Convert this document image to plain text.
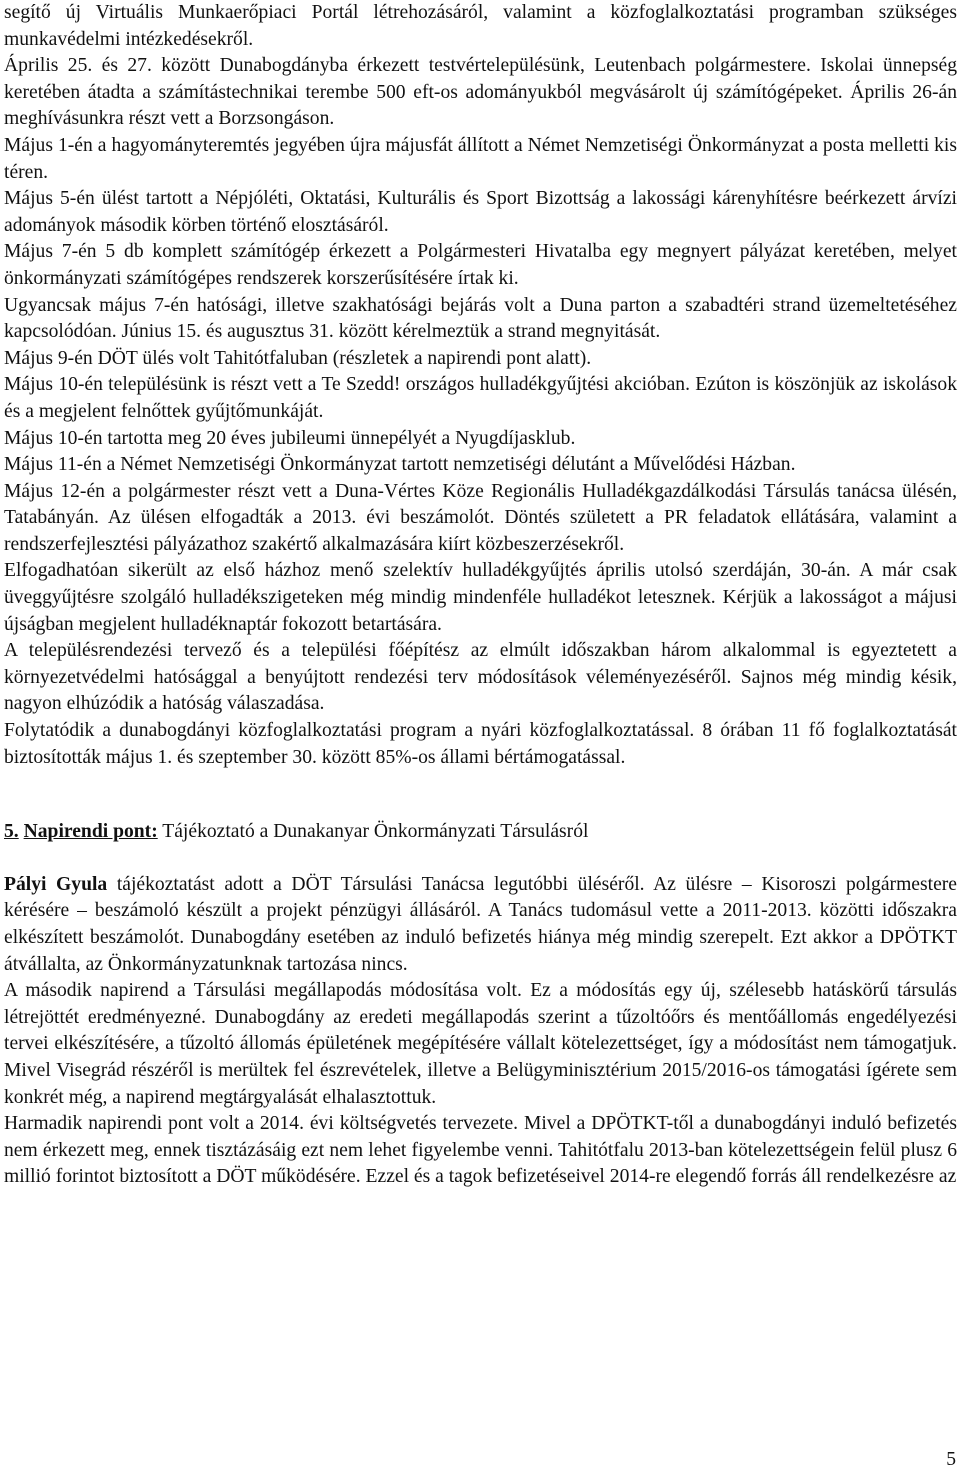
segítő új Virtuális Munkaerőpiaci Portál létrehozásáról, valamint a közfoglalkoztatási programban szükséges munkavédelmi intézkedésekről.

Április 25. és 27. között Dunabogdányba érkezett testvértelepülésünk, Leutenbach polgármestere. Iskolai ünnepség keretében átadta a számítástechnikai terembe 500 eft-os adományukból megvásárolt új számítógépeket. Április 26-án meghívásunkra részt vett a Borzsongáson.

Május 1-én a hagyományteremtés jegyében újra májusfát állított a Német Nemzetiségi Önkormányzat a posta melletti kis téren.

Május 5-én ülést tartott a Népjóléti, Oktatási, Kulturális és Sport Bizottság a lakossági kárenyhítésre beérkezett árvízi adományok második körben történő elosztásáról.

Május 7-én 5 db komplett számítógép érkezett a Polgármesteri Hivatalba egy megnyert pályázat keretében, melyet önkormányzati számítógépes rendszerek korszerűsítésére írtak ki.

Ugyancsak május 7-én hatósági, illetve szakhatósági bejárás volt a Duna parton a szabadtéri strand üzemeltetéséhez kapcsolódóan. Június 15. és augusztus 31. között kérelmeztük a strand megnyitását.

Május 9-én DÖT ülés volt Tahitótfaluban (részletek a napirendi pont alatt).

Május 10-én településünk is részt vett a Te Szedd! országos hulladékgyűjtési akcióban. Ezúton is köszönjük az iskolások és a megjelent felnőttek gyűjtőmunkáját.

Május 10-én tartotta meg 20 éves jubileumi ünnepélyét a Nyugdíjasklub.

Május 11-én a Német Nemzetiségi Önkormányzat tartott nemzetiségi délutánt a Művelődési Házban.

Május 12-én a polgármester részt vett a Duna-Vértes Köze Regionális Hulladékgazdálkodási Társulás tanácsa ülésén, Tatabányán. Az ülésen elfogadták a 2013. évi beszámolót. Döntés született a PR feladatok ellátására, valamint a rendszerfejlesztési pályázathoz szakértő alkalmazására kiírt közbeszerzésekről.

Elfogadhatóan sikerült az első házhoz menő szelektív hulladékgyűjtés április utolsó szerdáján, 30-án. A már csak üveggyűjtésre szolgáló hulladékszigeteken még mindig mindenféle hulladékot letesznek. Kérjük a lakosságot a májusi újságban megjelent hulladéknaptár fokozott betartására.

A településrendezési tervező és a települési főépítész az elmúlt időszakban három alkalommal is egyeztetett a környezetvédelmi hatósággal a benyújtott rendezési terv módosítások véleményezéséről. Sajnos még mindig késik, nagyon elhúzódik a hatóság válaszadása.

Folytatódik a dunabogdányi közfoglalkoztatási program a nyári közfoglalkoztatással. 8 órában 11 fő foglalkoztatását biztosították május 1. és szeptember 30. között 85%-os állami bértámogatással.

5. Napirendi pont: Tájékoztató a Dunakanyar Önkormányzati Társulásról

Pályi Gyula tájékoztatást adott a DÖT Társulási Tanácsa legutóbbi üléséről. Az ülésre – Kisoroszi polgármestere kérésére – beszámoló készült a projekt pénzügyi állásáról. A Tanács tudomásul vette a 2011-2013. közötti időszakra elkészített beszámolót. Dunabogdány esetében az induló befizetés hiánya még mindig szerepelt. Ezt akkor a DPÖTKT átvállalta, az Önkormányzatunknak tartozása nincs.

A második napirend a Társulási megállapodás módosítása volt. Ez a módosítás egy új, szélesebb hatáskörű társulás létrejöttét eredményezné. Dunabogdány az eredeti megállapodás szerint a tűzoltóőrs és mentőállomás engedélyezési tervei elkészítésére, a tűzoltó állomás épületének megépítésére vállalt kötelezettséget, így a módosítást nem támogatjuk. Mivel Visegrád részéről is merültek fel észrevételek, illetve a Belügyminisztérium 2015/2016-os támogatási ígérete sem konkrét még, a napirend megtárgyalását elhalasztottuk.

Harmadik napirendi pont volt a 2014. évi költségvetés tervezete. Mivel a DPÖTKT-től a dunabogdányi induló befizetés nem érkezett meg, ennek tisztázásáig ezt nem lehet figyelembe venni. Tahitótfalu 2013-ban kötelezettségein felül plusz 6 millió forintot biztosított a DÖT működésére. Ezzel és a tagok befizetéseivel 2014-re elegendő forrás áll rendelkezésre az

5
